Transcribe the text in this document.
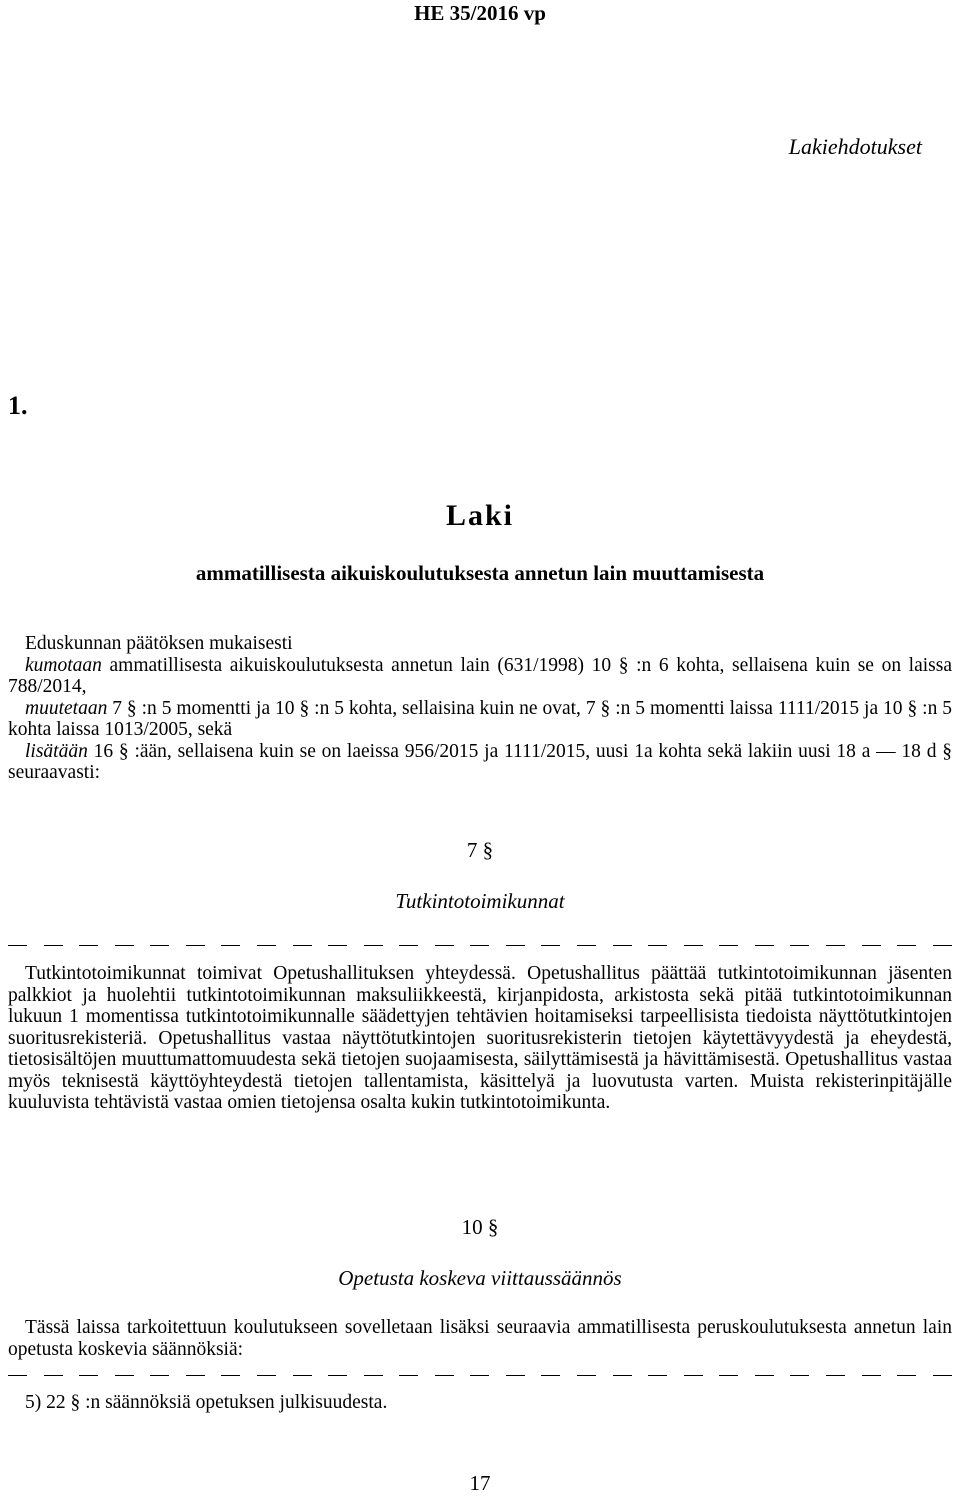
HE 35/2016 vp
Lakiehdotukset
1.
Laki
ammatillisesta aikuiskoulutuksesta annetun lain muuttamisesta

Eduskunnan päätöksen mukaisesti

kumotaan ammatillisesta aikuiskoulutuksesta annetun lain (631/1998) 10 § :n 6 kohta, sellaisena kuin se on laissa 788/2014,

muutetaan 7 § :n 5 momentti ja 10 § :n 5 kohta, sellaisina kuin ne ovat, 7 § :n 5 momentti laissa 1111/2015 ja 10 § :n 5 kohta laissa 1013/2005, sekä

lisätään 16 § :ään, sellaisena kuin se on laeissa 956/2015 ja 1111/2015, uusi 1a kohta sekä lakiin uusi 18 a — 18 d § seuraavasti:

7 §
Tutkintotoimikunnat

Tutkintotoimikunnat toimivat Opetushallituksen yhteydessä. Opetushallitus päättää tutkintotoimikunnan jäsenten palkkiot ja huolehtii tutkintotoimikunnan maksuliikkeestä, kirjanpidosta, arkistosta sekä pitää tutkintotoimikunnan lukuun 1 momentissa tutkintotoimikunnalle säädettyjen tehtävien hoitamiseksi tarpeellisista tiedoista näyttötutkintojen suoritusrekisteriä. Opetushallitus vastaa näyttötutkintojen suoritusrekisterin tietojen käytettävyydestä ja eheydestä, tietosisältöjen muuttumattomuudesta sekä tietojen suojaamisesta, säilyttämisestä ja hävittämisestä. Opetushallitus vastaa myös teknisestä käyttöyhteydestä tietojen tallentamista, käsittelyä ja luovutusta varten. Muista rekisterinpitäjälle kuuluvista tehtävistä vastaa omien tietojensa osalta kukin tutkintotoimikunta.

10 §
Opetusta koskeva viittaussäännös

Tässä laissa tarkoitettuun koulutukseen sovelletaan lisäksi seuraavia ammatillisesta peruskoulutuksesta annetun lain opetusta koskevia säännöksiä:

5) 22 § :n säännöksiä opetuksen julkisuudesta.

17
